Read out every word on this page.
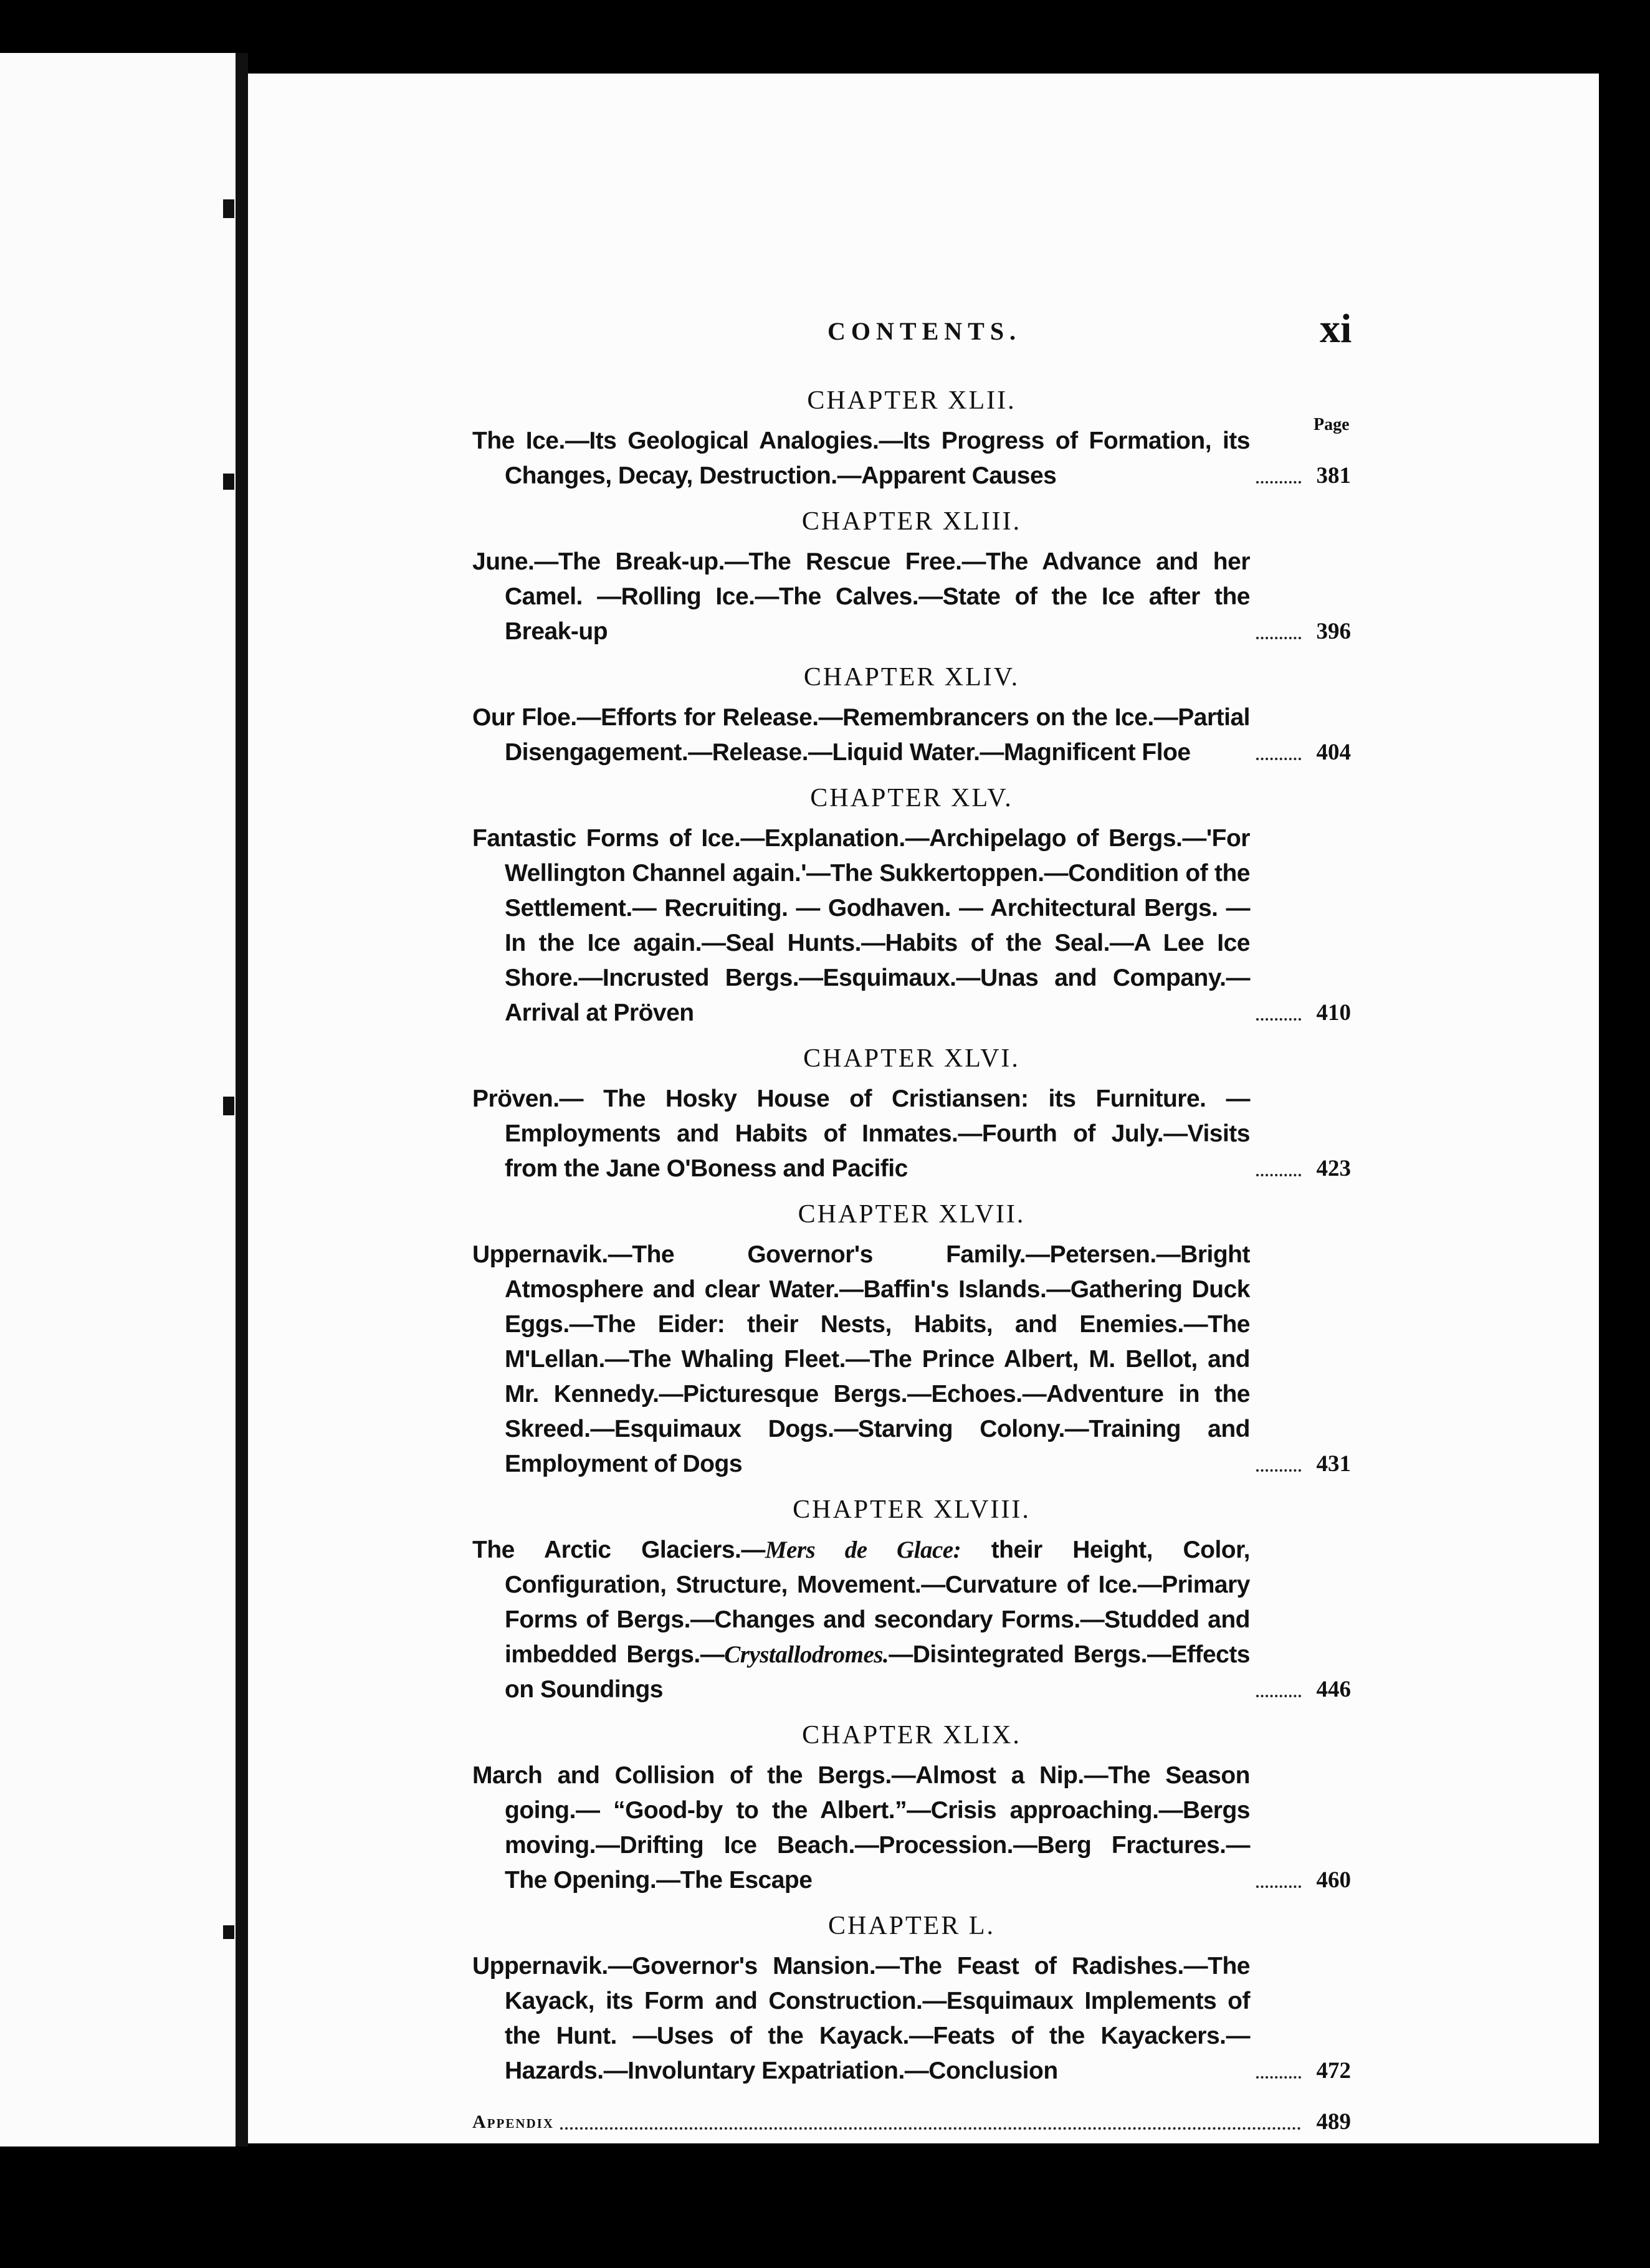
CONTENTS.	xi
Page
CHAPTER XLII.
The Ice.—Its Geological Analogies.—Its Progress of Formation, its Changes, Decay, Destruction.—Apparent Causes	381
CHAPTER XLIII.
June.—The Break-up.—The Rescue Free.—The Advance and her Camel. —Rolling Ice.—The Calves.—State of the Ice after the Break-up	396
CHAPTER XLIV.
Our Floe.—Efforts for Release.—Remembrancers on the Ice.—Partial Disengagement.—Release.—Liquid Water.—Magnificent Floe	404
CHAPTER XLV.
Fantastic Forms of Ice.—Explanation.—Archipelago of Bergs.—'For Wellington Channel again.'—The Sukkertoppen.—Condition of the Settlement.— Recruiting. — Godhaven. — Architectural Bergs. — In the Ice again.—Seal Hunts.—Habits of the Seal.—A Lee Ice Shore.—Incrusted Bergs.—Esquimaux.—Unas and Company.—Arrival at Pröven	410
CHAPTER XLVI.
Pröven.— The Hosky House of Cristiansen: its Furniture. —Employments and Habits of Inmates.—Fourth of July.—Visits from the Jane O'Boness and Pacific	423
CHAPTER XLVII.
Uppernavik.—The Governor's Family.—Petersen.—Bright Atmosphere and clear Water.—Baffin's Islands.—Gathering Duck Eggs.—The Eider: their Nests, Habits, and Enemies.—The M'Lellan.—The Whaling Fleet.—The Prince Albert, M. Bellot, and Mr. Kennedy.—Picturesque Bergs.—Echoes.—Adventure in the Skreed.—Esquimaux Dogs.—Starving Colony.—Training and Employment of Dogs	431
CHAPTER XLVIII.
The Arctic Glaciers.—Mers de Glace: their Height, Color, Configuration, Structure, Movement.—Curvature of Ice.—Primary Forms of Bergs.—Changes and secondary Forms.—Studded and imbedded Bergs.—Crystallodromes.—Disintegrated Bergs.—Effects on Soundings	446
CHAPTER XLIX.
March and Collision of the Bergs.—Almost a Nip.—The Season going.— “Good-by to the Albert.”—Crisis approaching.—Bergs moving.—Drifting Ice Beach.—Procession.—Berg Fractures.—The Opening.—The Escape	460
CHAPTER L.
Uppernavik.—Governor's Mansion.—The Feast of Radishes.—The Kayack, its Form and Construction.—Esquimaux Implements of the Hunt. —Uses of the Kayack.—Feats of the Kayackers.—Hazards.—Involuntary Expatriation.—Conclusion	472
Appendix	489
